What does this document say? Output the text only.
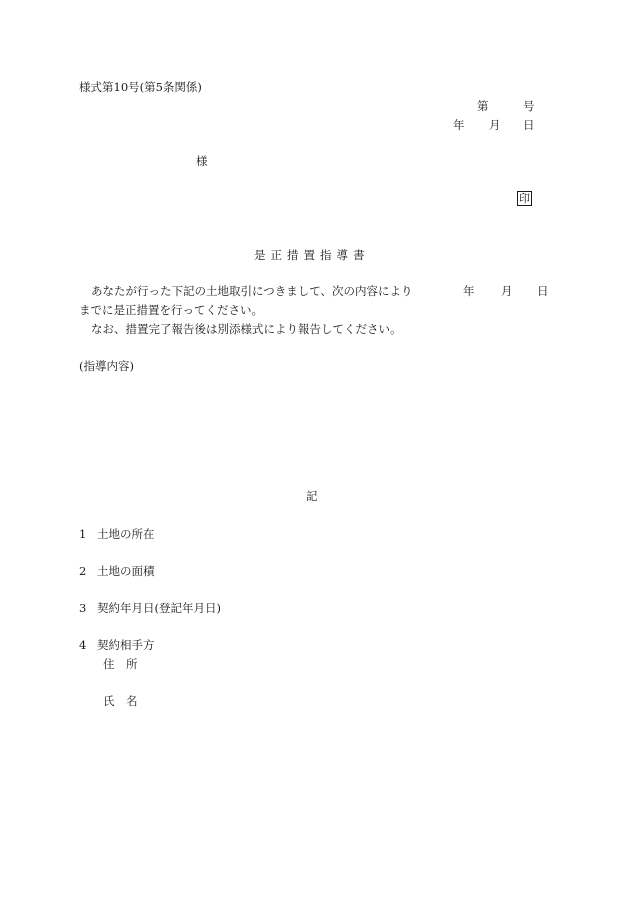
様式第10号(第5条関係)
第	号
年 月 日
様
印
是正措置指導書
あなたが行った下記の土地取引につきまして、次の内容により	年 月 日
までに是正措置を行ってください。
なお、措置完了報告後は別添様式により報告してください。
(指導内容)
記
1 土地の所在
2 土地の面積
3 契約年月日(登記年月日)
4 契約相手方
住　所
氏　名
